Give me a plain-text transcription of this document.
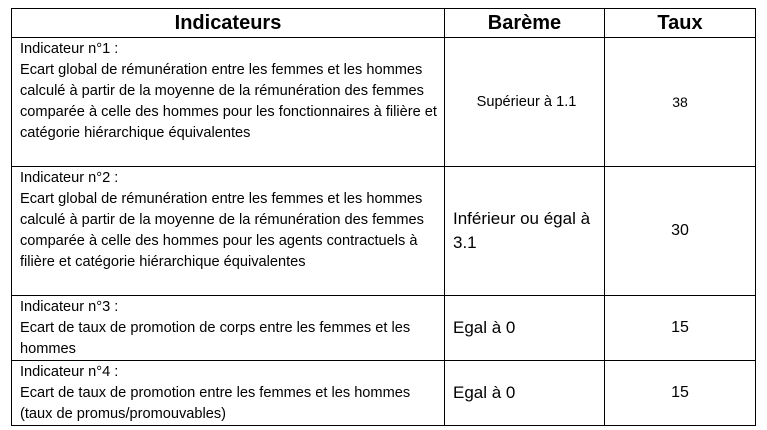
Indicateurs	Barème	Taux

Indicateur n°1 :
Ecart global de rémunération entre les femmes et les hommes calculé à partir de la moyenne de la rémunération des femmes comparée à celle des hommes pour les fonctionnaires à filière et catégorie hiérarchique équivalentes	Supérieur à 1.1	38

Indicateur n°2 :
Ecart global de rémunération entre les femmes et les hommes calculé à partir de la moyenne de la rémunération des femmes comparée à celle des hommes pour les agents contractuels à filière et catégorie hiérarchique équivalentes	Inférieur ou égal à 3.1	30

Indicateur n°3 :
Ecart de taux de promotion de corps entre les femmes et les hommes	Egal à 0	15

Indicateur n°4 :
Ecart de taux de promotion entre les femmes et les hommes (taux de promus/promouvables)	Egal à 0	15
